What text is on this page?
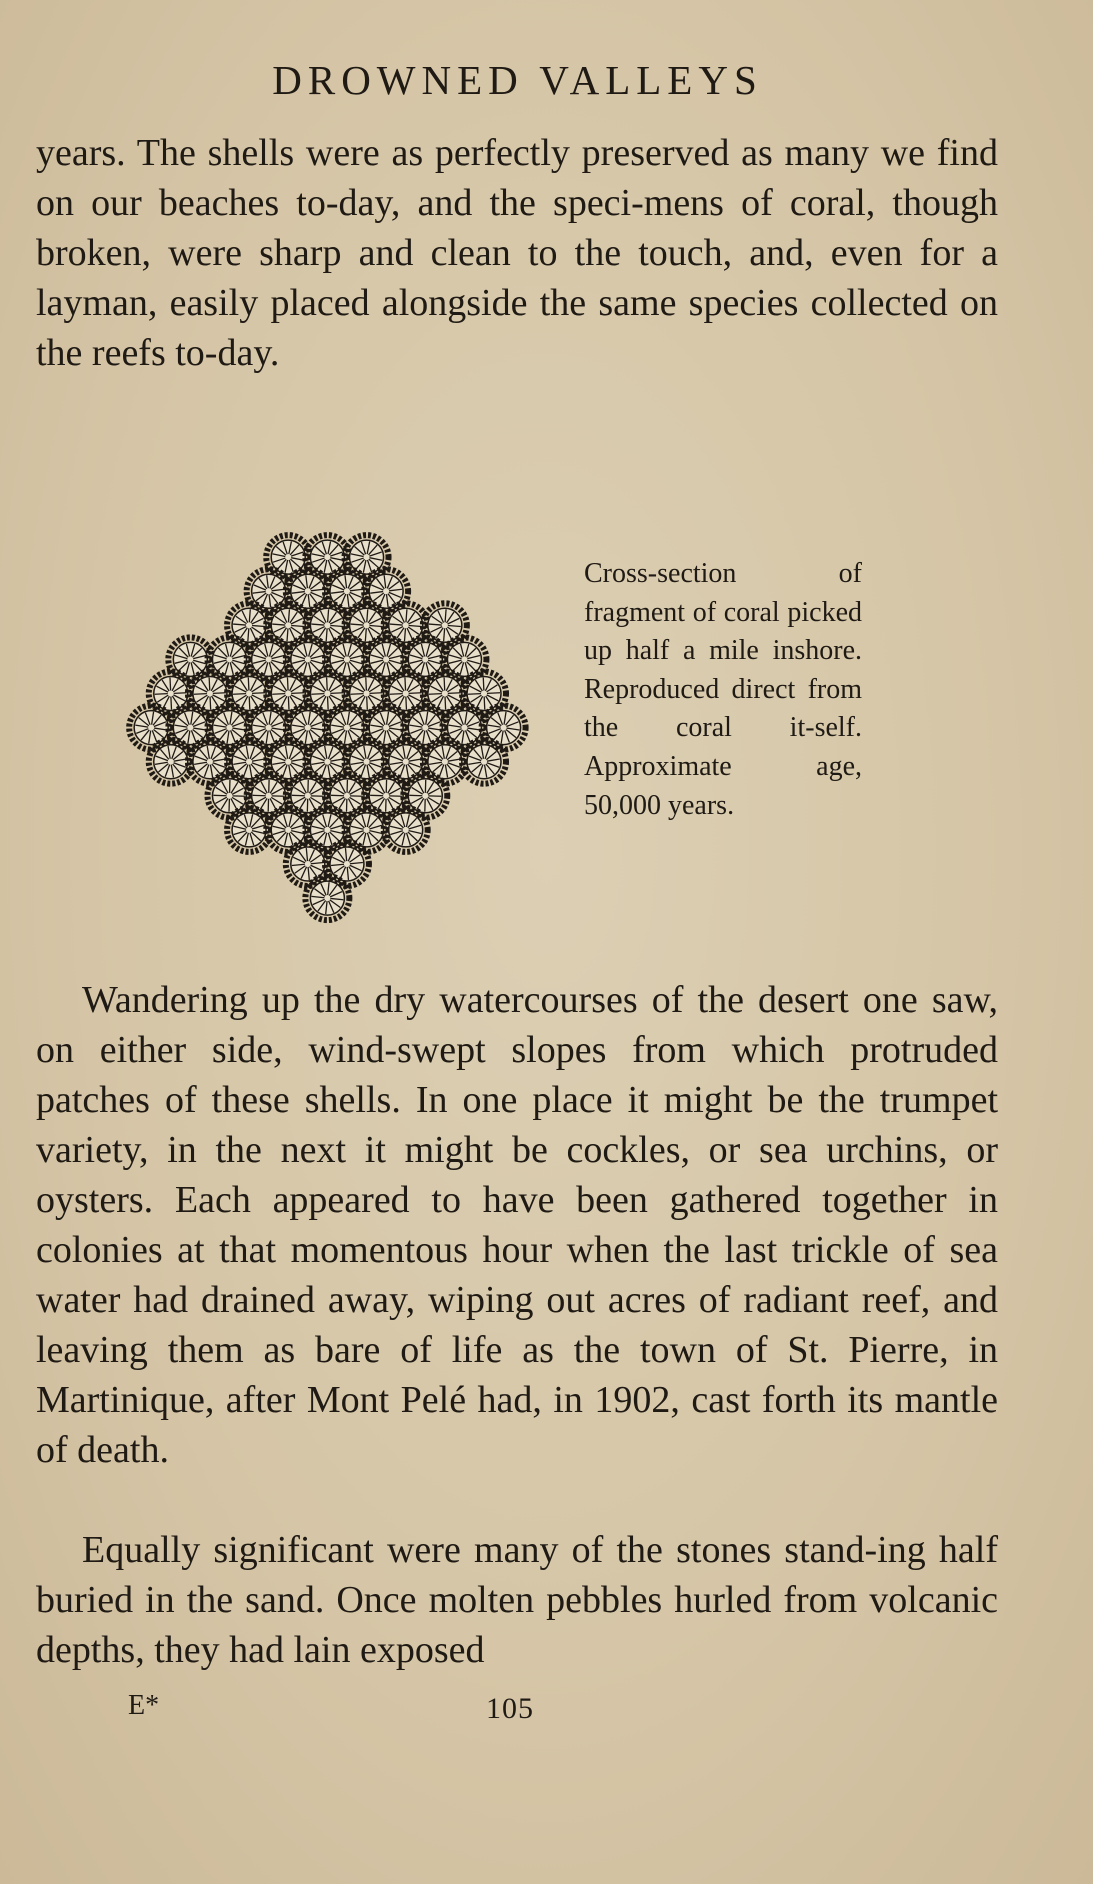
DROWNED VALLEYS

years. The shells were as perfectly preserved as many we find on our beaches to-day, and the speci-mens of coral, though broken, were sharp and clean to the touch, and, even for a layman, easily placed alongside the same species collected on the reefs to-day.

Cross-section of fragment of coral picked up half a mile inshore. Reproduced direct from the coral it-self. Approximate age, 50,000 years.

Wandering up the dry watercourses of the desert one saw, on either side, wind-swept slopes from which protruded patches of these shells. In one place it might be the trumpet variety, in the next it might be cockles, or sea urchins, or oysters. Each appeared to have been gathered together in colonies at that momentous hour when the last trickle of sea water had drained away, wiping out acres of radiant reef, and leaving them as bare of life as the town of St. Pierre, in Martinique, after Mont Pelé had, in 1902, cast forth its mantle of death.

Equally significant were many of the stones stand-ing half buried in the sand. Once molten pebbles hurled from volcanic depths, they had lain exposed

E*	105
